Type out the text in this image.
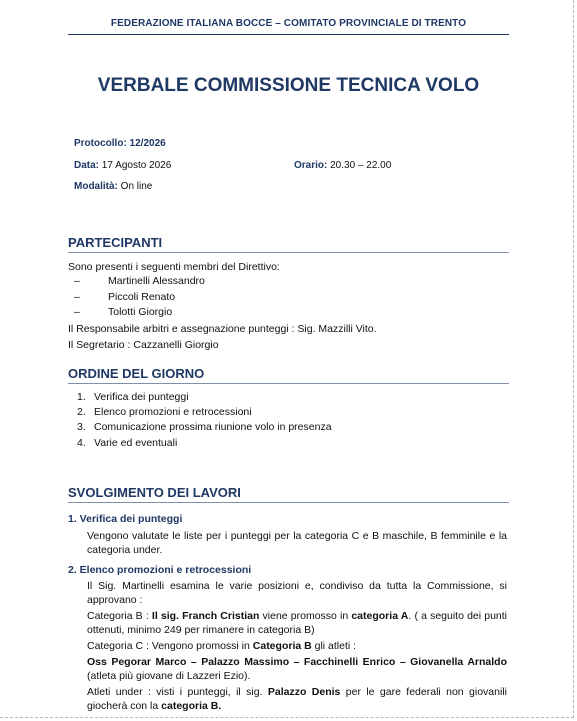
FEDERAZIONE ITALIANA BOCCE – COMITATO PROVINCIALE DI TRENTO
VERBALE COMMISSIONE TECNICA VOLO
Protocollo: 12/2026
Data: 17 Agosto 2026	Orario: 20.30 – 22.00
Modalità: On line
PARTECIPANTI
Sono presenti i seguenti membri del Direttivo:
–	Martinelli Alessandro
–	Piccoli Renato
–	Tolotti Giorgio
Il Responsabile arbitri e assegnazione punteggi : Sig. Mazzilli Vito.
Il Segretario : Cazzanelli Giorgio
ORDINE DEL GIORNO
1. Verifica dei punteggi
2. Elenco promozioni e retrocessioni
3. Comunicazione prossima riunione volo in presenza
4. Varie ed eventuali
SVOLGIMENTO DEI LAVORI
1. Verifica dei punteggi
Vengono valutate le liste per i punteggi per la categoria C e B maschile, B femminile e la categoria under.
2. Elenco promozioni e retrocessioni
Il Sig. Martinelli esamina le varie posizioni e, condiviso da tutta la Commissione, si approvano :
Categoria B : Il sig. Franch Cristian viene promosso in categoria A. ( a seguito dei punti ottenuti, minimo 249 per rimanere in categoria B)
Categoria C : Vengono promossi in Categoria B gli atleti :
Oss Pegorar Marco – Palazzo Massimo – Facchinelli Enrico – Giovanella Arnaldo (atleta più giovane di Lazzeri Ezio).
Atleti under : visti i punteggi, il sig. Palazzo Denis per le gare federali non giovanili giocherà con la categoria B.
